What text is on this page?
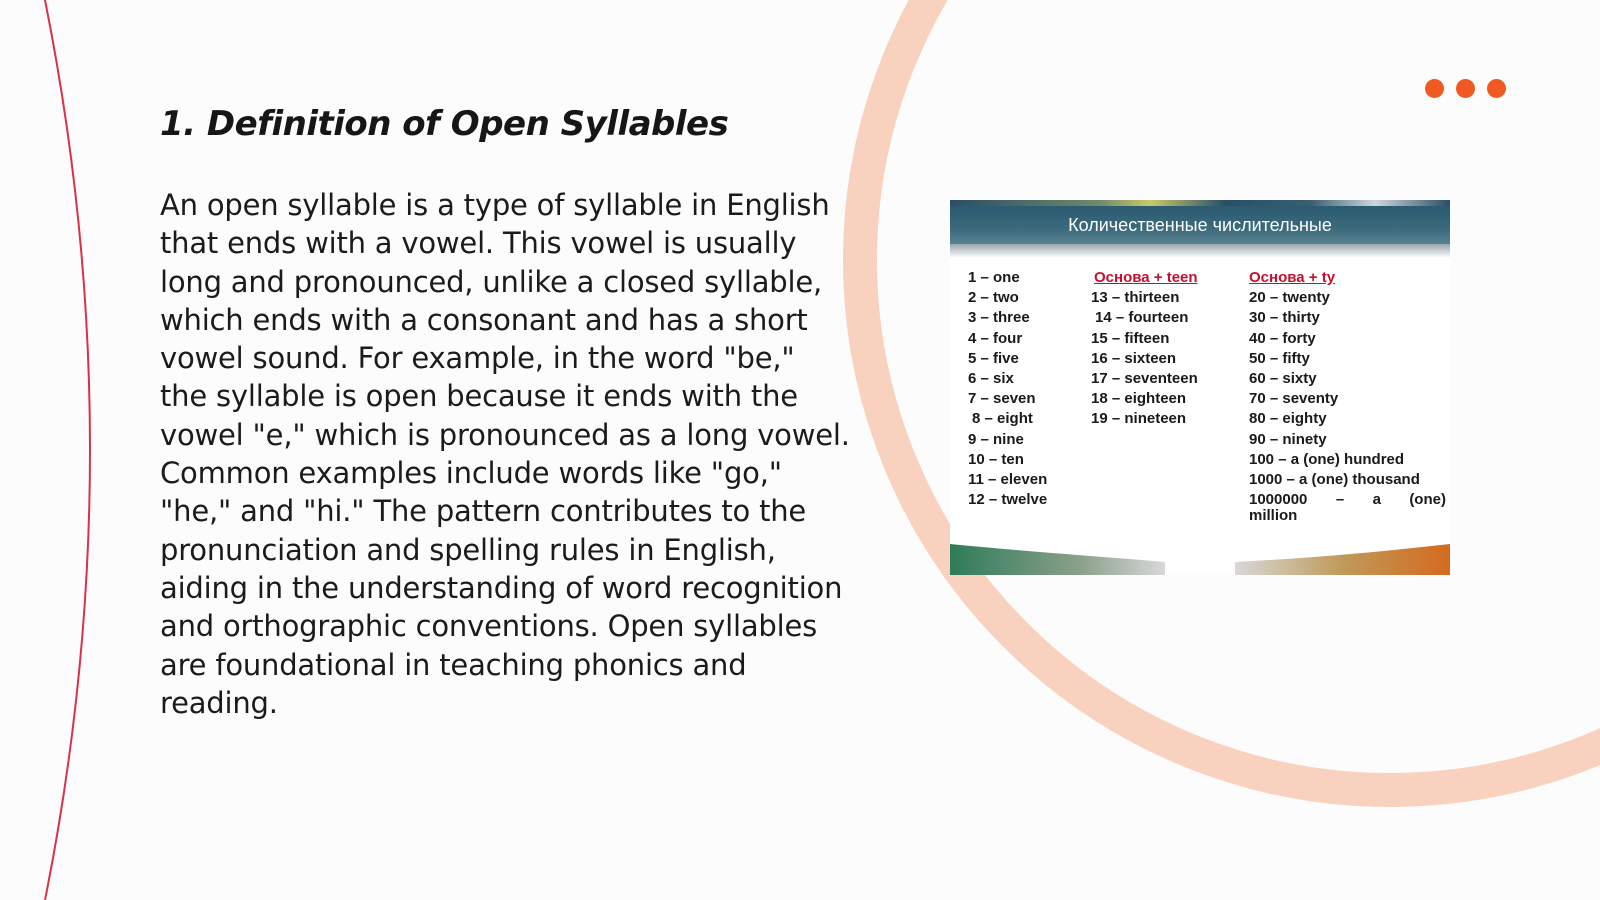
1. Definition of Open Syllables

An open syllable is a type of syllable in English that ends with a vowel. This vowel is usually long and pronounced, unlike a closed syllable, which ends with a consonant and has a short vowel sound. For example, in the word "be," the syllable is open because it ends with the vowel "e," which is pronounced as a long vowel. Common examples include words like "go," "he," and "hi." The pattern contributes to the pronunciation and spelling rules in English, aiding in the understanding of word recognition and orthographic conventions. Open syllables are foundational in teaching phonics and reading.

Количественные числительные
1 – one
2 – two
3 – three
4 – four
5 – five
6 – six
7 – seven
8 – eight
9 – nine
10 – ten
11 – eleven
12 – twelve
Основа + teen
13 – thirteen
14 – fourteen
15 – fifteen
16 – sixteen
17 – seventeen
18 – eighteen
19 – nineteen
Основа + ty
20 – twenty
30 – thirty
40 – forty
50 – fifty
60 – sixty
70 – seventy
80 – eighty
90 – ninety
100 – a (one) hundred
1000 – a (one) thousand
1000000 – a (one)
million
